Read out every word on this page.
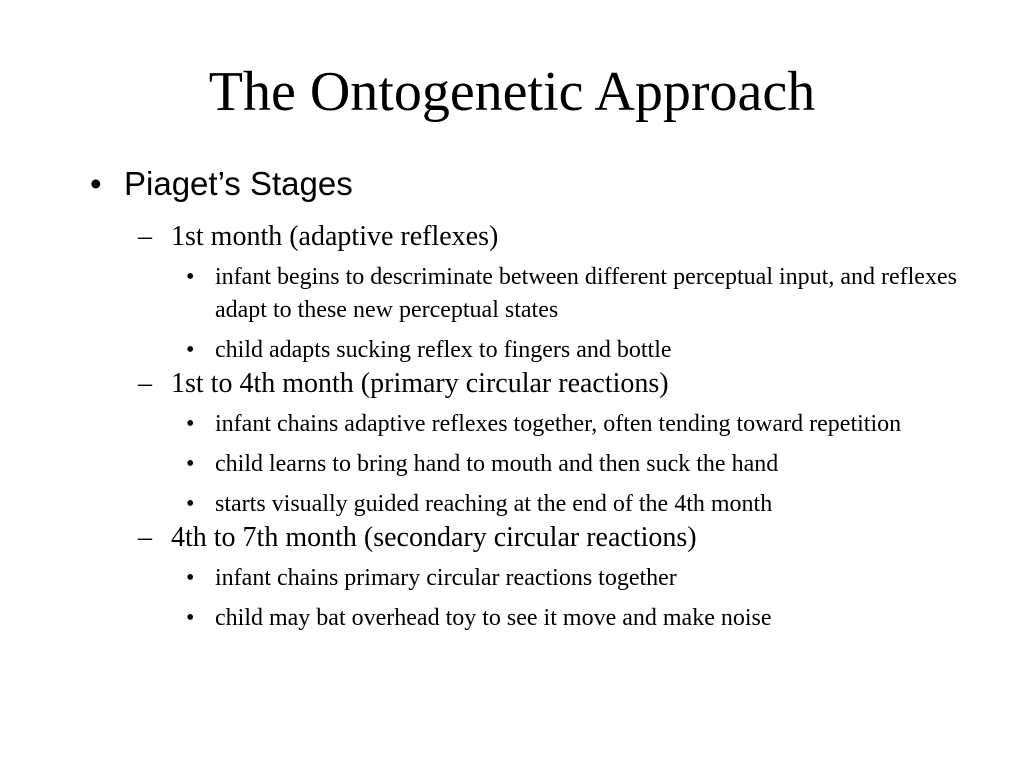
The Ontogenetic Approach
• Piaget’s Stages
– 1st month (adaptive reflexes)
• infant begins to descriminate between different perceptual input, and reflexes adapt to these new perceptual states
• child adapts sucking reflex to fingers and bottle
– 1st to 4th month (primary circular reactions)
• infant chains adaptive reflexes together, often tending toward repetition
• child learns to bring hand to mouth and then suck the hand
• starts visually guided reaching at the end of the 4th month
– 4th to 7th month (secondary circular reactions)
• infant chains primary circular reactions together
• child may bat overhead toy to see it move and make noise
